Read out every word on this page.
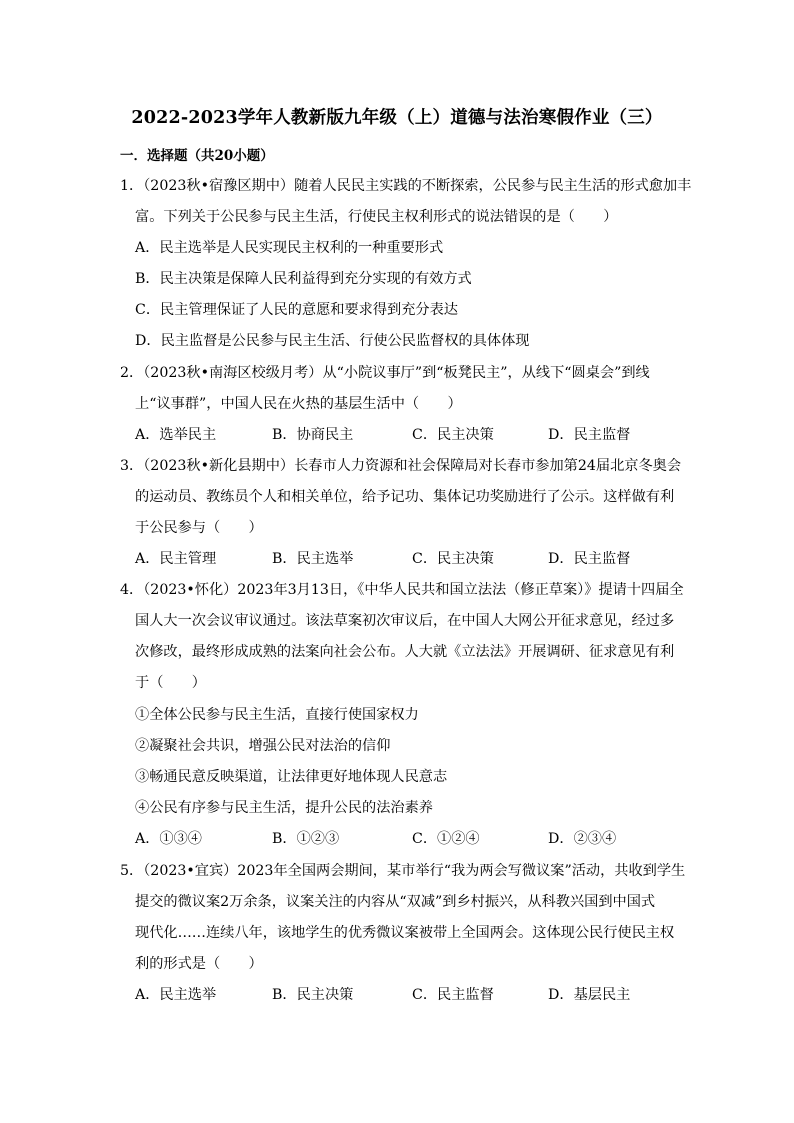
2022-2023学年人教新版九年级（上）道德与法治寒假作业（三）
一．选择题（共20小题）
1．（2023秋•宿豫区期中）随着人民民主实践的不断探索，公民参与民主生活的形式愈加丰
富。下列关于公民参与民主生活，行使民主权利形式的说法错误的是（　　）
A．民主选举是人民实现民主权利的一种重要形式
B．民主决策是保障人民利益得到充分实现的有效方式
C．民主管理保证了人民的意愿和要求得到充分表达
D．民主监督是公民参与民主生活、行使公民监督权的具体体现
2．（2023秋•南海区校级月考）从“小院议事厅”到“板凳民主”，从线下“圆桌会”到线
上“议事群”，中国人民在火热的基层生活中（　　）
A．选举民主	B．协商民主	C．民主决策	D．民主监督
3．（2023秋•新化县期中）长春市人力资源和社会保障局对长春市参加第24届北京冬奥会
的运动员、教练员个人和相关单位，给予记功、集体记功奖励进行了公示。这样做有利
于公民参与（　　）
A．民主管理	B．民主选举	C．民主决策	D．民主监督
4．（2023•怀化）2023年3月13日，《中华人民共和国立法法（修正草案）》提请十四届全
国人大一次会议审议通过。该法草案初次审议后，在中国人大网公开征求意见，经过多
次修改，最终形成成熟的法案向社会公布。人大就《立法法》开展调研、征求意见有利
于（　　）
①全体公民参与民主生活，直接行使国家权力
②凝聚社会共识，增强公民对法治的信仰
③畅通民意反映渠道，让法律更好地体现人民意志
④公民有序参与民主生活，提升公民的法治素养
A．①③④	B．①②③	C．①②④	D．②③④
5．（2023•宜宾）2023年全国两会期间，某市举行“我为两会写微议案”活动，共收到学生
提交的微议案2万余条，议案关注的内容从“双减”到乡村振兴，从科教兴国到中国式
现代化……连续八年，该地学生的优秀微议案被带上全国两会。这体现公民行使民主权
利的形式是（　　）
A．民主选举	B．民主决策	C．民主监督	D．基层民主
